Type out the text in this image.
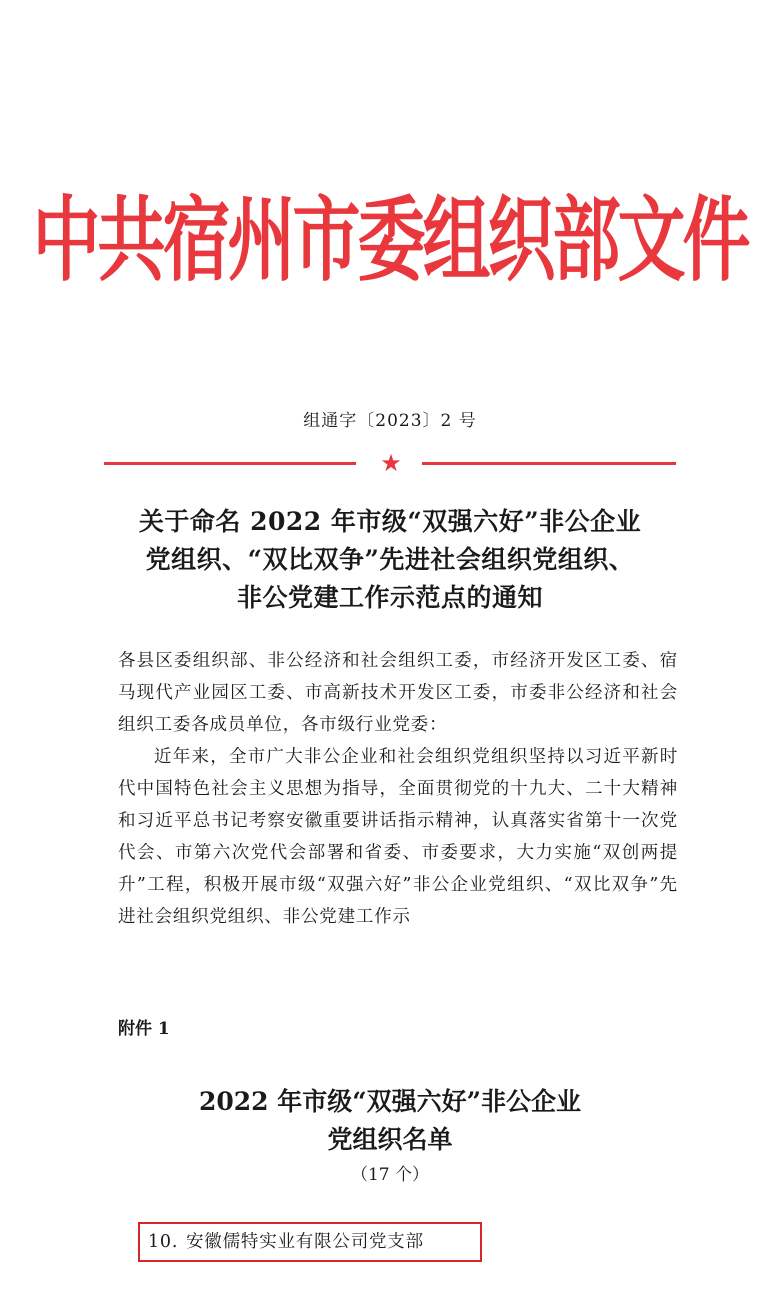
中共宿州市委组织部文件
组通字〔2023〕2 号
★
关于命名 2022 年市级“双强六好”非公企业
党组织、“双比双争”先进社会组织党组织、
非公党建工作示范点的通知

各县区委组织部、非公经济和社会组织工委，市经济开发区工委、宿马现代产业园区工委、市高新技术开发区工委，市委非公经济和社会组织工委各成员单位，各市级行业党委：

近年来，全市广大非公企业和社会组织党组织坚持以习近平新时代中国特色社会主义思想为指导，全面贯彻党的十九大、二十大精神和习近平总书记考察安徽重要讲话指示精神，认真落实省第十一次党代会、市第六次党代会部署和省委、市委要求，大力实施“双创两提升”工程，积极开展市级“双强六好”非公企业党组织、“双比双争”先进社会组织党组织、非公党建工作示

附件 1
2022 年市级“双强六好”非公企业
党组织名单
（17 个）
10. 安徽儒特实业有限公司党支部
